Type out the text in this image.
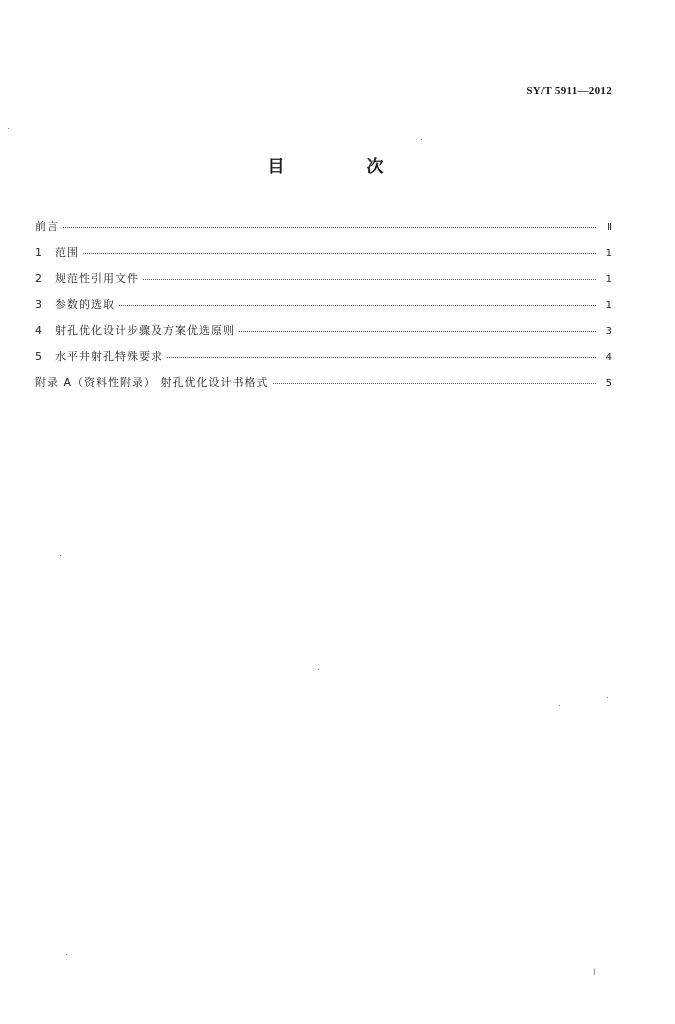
SY/T 5911—2012
目 次
前言	Ⅱ
1	范围	1
2	规范性引用文件	1
3	参数的选取	1
4	射孔优化设计步骤及方案优选原则	3
5	水平井射孔特殊要求	4
附录 A（资料性附录） 射孔优化设计书格式	5
I
